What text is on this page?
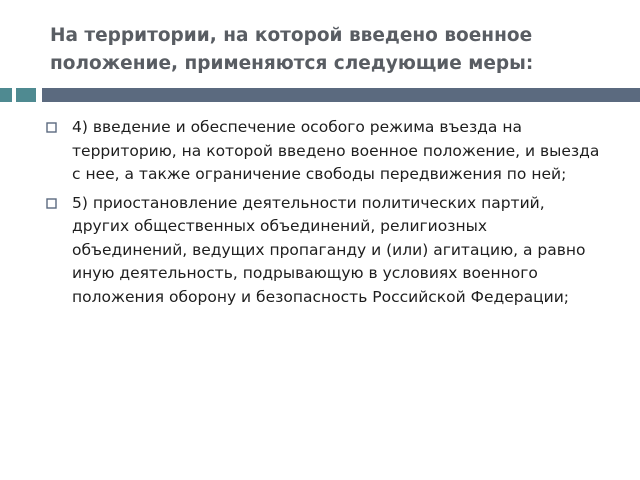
На территории, на которой введено военное положение, применяются следующие меры:
4) введение и обеспечение особого режима въезда на территорию, на которой введено военное положение, и выезда с нее, а также ограничение свободы передвижения по ней;
5) приостановление деятельности политических партий, других общественных объединений, религиозных объединений, ведущих пропаганду и (или) агитацию, а равно иную деятельность, подрывающую в условиях военного положения оборону и безопасность Российской Федерации;
